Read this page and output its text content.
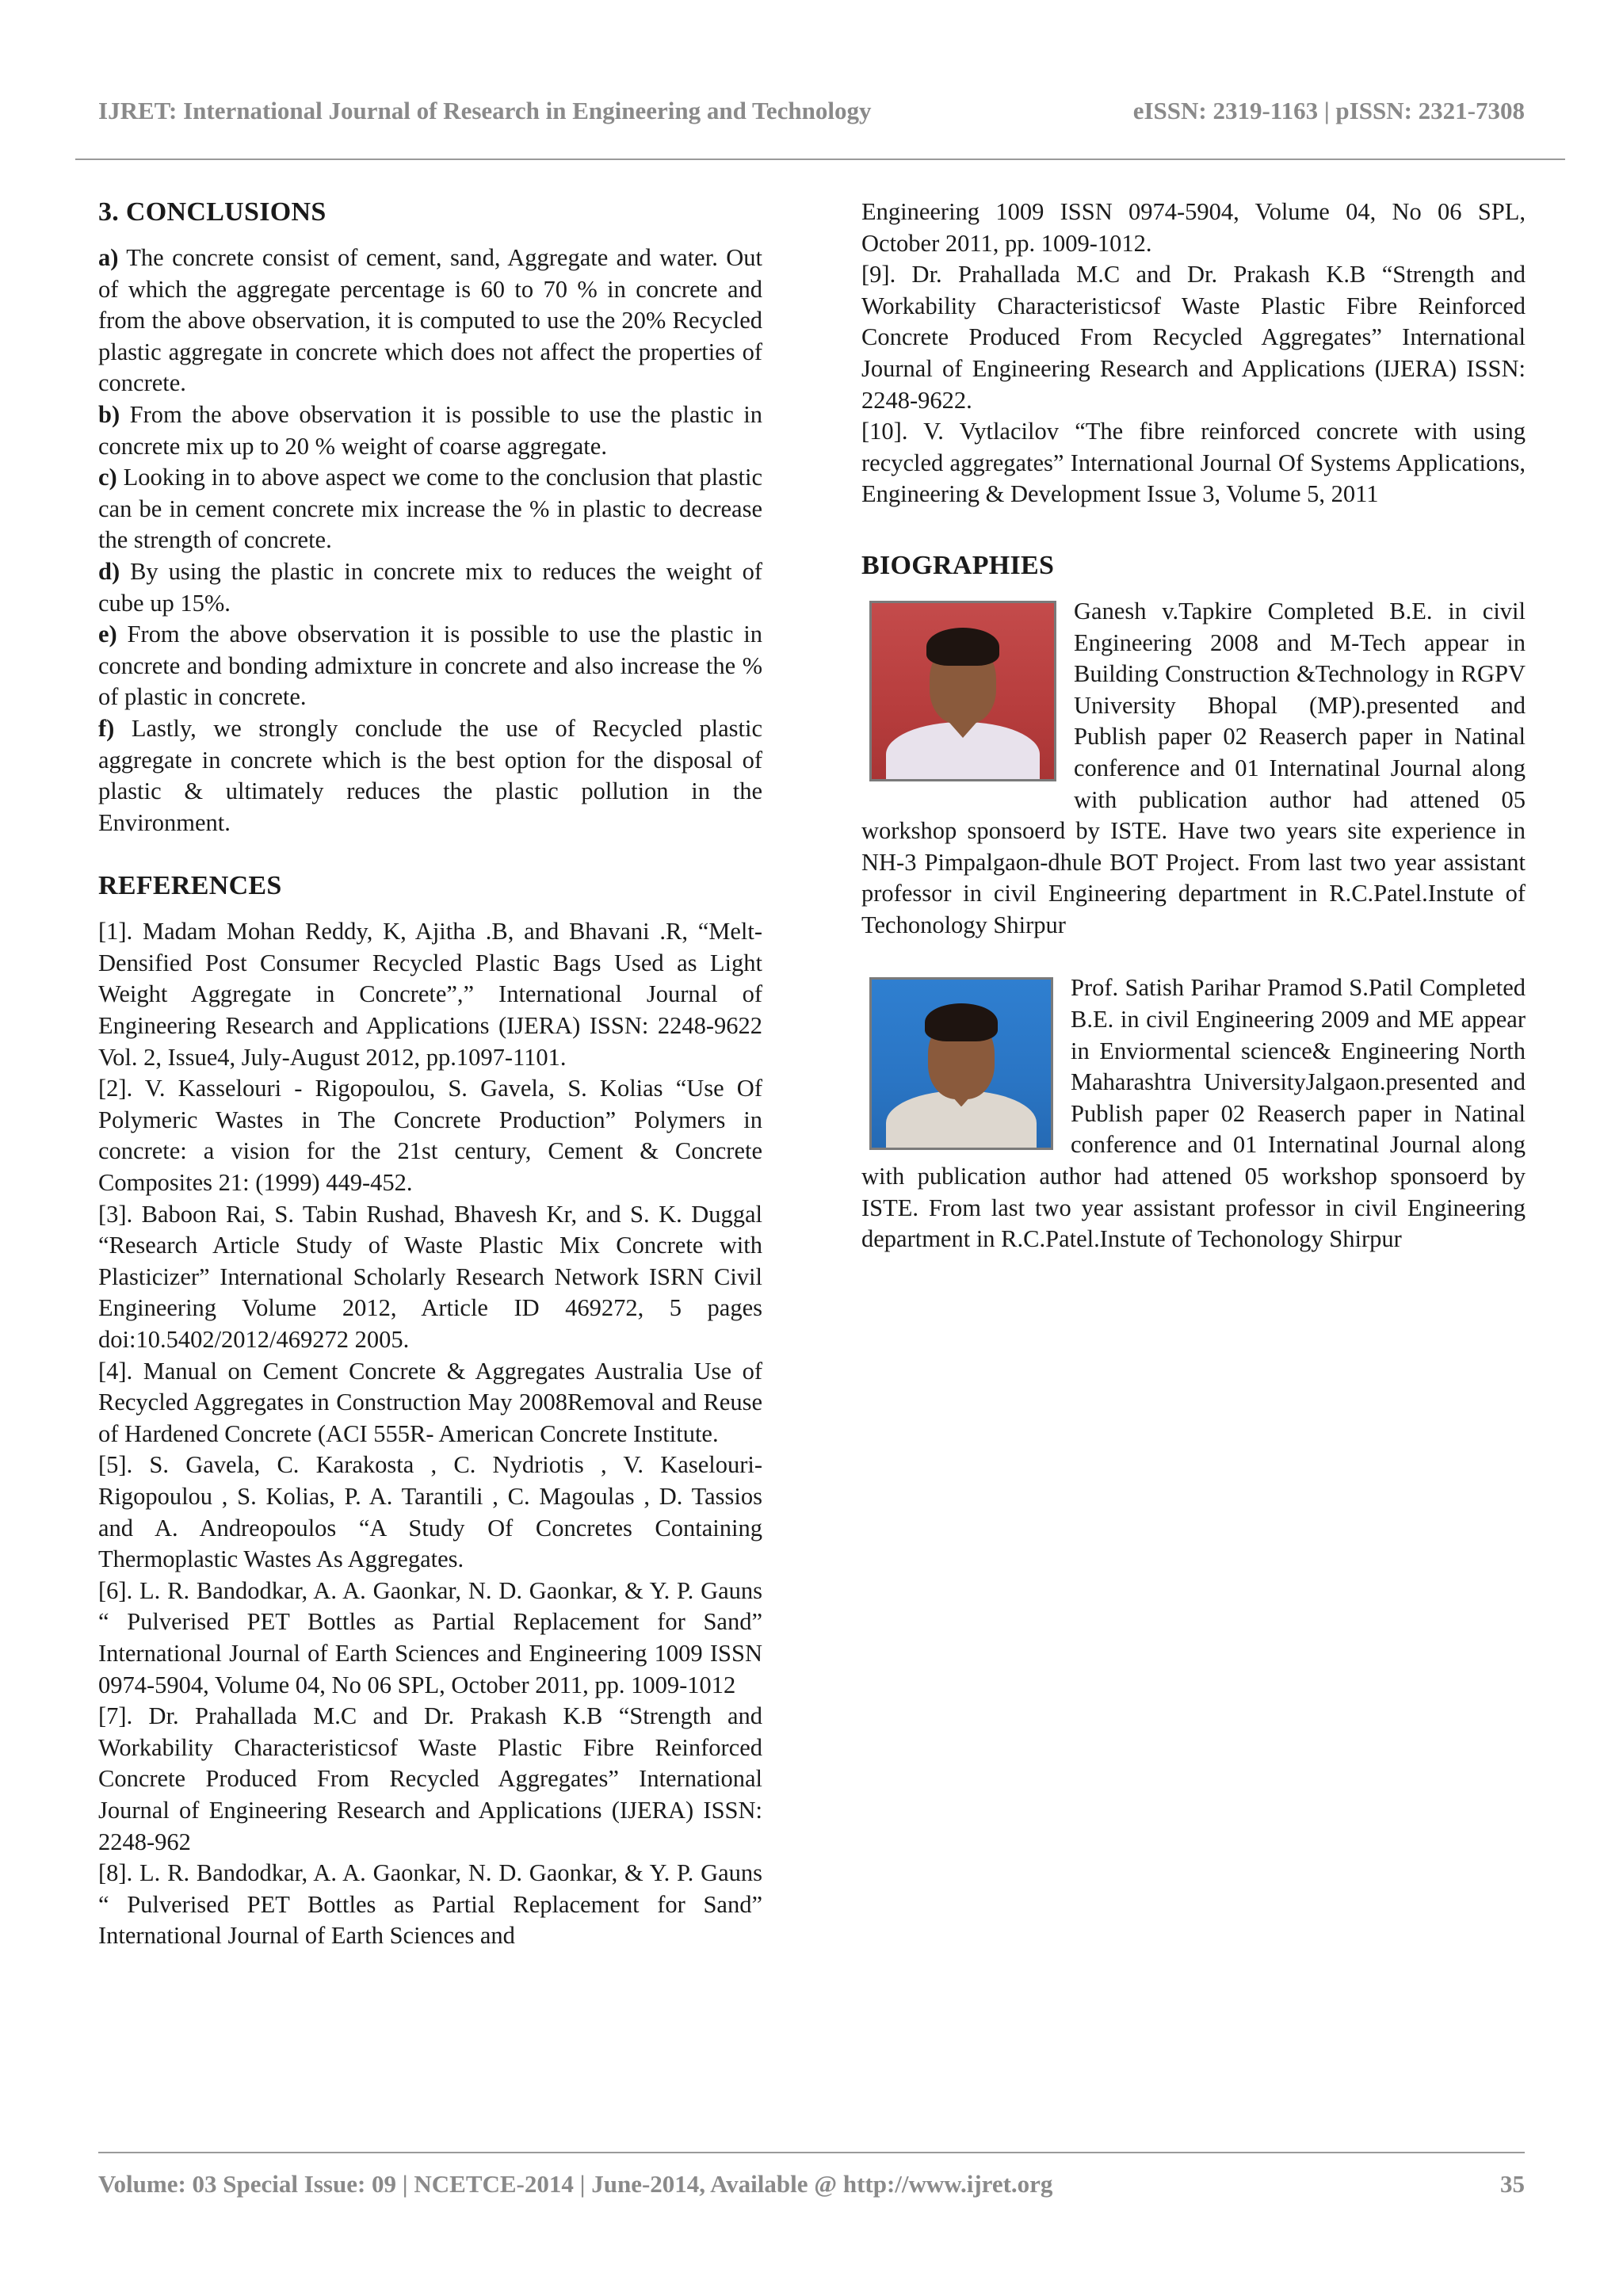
IJRET: International Journal of Research in Engineering and Technology	eISSN: 2319-1163 | pISSN: 2321-7308
3. CONCLUSIONS

a) The concrete consist of cement, sand, Aggregate and water. Out of which the aggregate percentage is 60 to 70 % in concrete and from the above observation, it is computed to use the 20% Recycled plastic aggregate in concrete which does not affect the properties of concrete.

b) From the above observation it is possible to use the plastic in concrete mix up to 20 % weight of coarse aggregate.

c) Looking in to above aspect we come to the conclusion that plastic can be in cement concrete mix increase the % in plastic to decrease the strength of concrete.

d) By using the plastic in concrete mix to reduces the weight of cube up 15%.

e) From the above observation it is possible to use the plastic in concrete and bonding admixture in concrete and also increase the % of plastic in concrete.

f) Lastly, we strongly conclude the use of Recycled plastic aggregate in concrete which is the best option for the disposal of plastic & ultimately reduces the plastic pollution in the Environment.

REFERENCES

[1]. Madam Mohan Reddy, K, Ajitha .B, and Bhavani .R, “Melt-Densified Post Consumer Recycled Plastic Bags Used as Light Weight Aggregate in Concrete”,” International Journal of Engineering Research and Applications (IJERA) ISSN: 2248-9622 Vol. 2, Issue4, July-August 2012, pp.1097-1101.

[2]. V. Kasselouri - Rigopoulou, S. Gavela, S. Kolias “Use Of Polymeric Wastes in The Concrete Production” Polymers in concrete: a vision for the 21st century, Cement & Concrete Composites 21: (1999) 449-452.

[3]. Baboon Rai, S. Tabin Rushad, Bhavesh Kr, and S. K. Duggal “Research Article Study of Waste Plastic Mix Concrete with Plasticizer” International Scholarly Research Network ISRN Civil Engineering Volume 2012, Article ID 469272, 5 pages doi:10.5402/2012/469272 2005.

[4]. Manual on Cement Concrete & Aggregates Australia Use of Recycled Aggregates in Construction May 2008Removal and Reuse of Hardened Concrete (ACI 555R- American Concrete Institute.

[5]. S. Gavela, C. Karakosta , C. Nydriotis , V. Kaselouri-Rigopoulou , S. Kolias, P. A. Tarantili , C. Magoulas , D. Tassios and A. Andreopoulos “A Study Of Concretes Containing Thermoplastic Wastes As Aggregates.

[6]. L. R. Bandodkar, A. A. Gaonkar, N. D. Gaonkar, & Y. P. Gauns “ Pulverised PET Bottles as Partial Replacement for Sand” International Journal of Earth Sciences and Engineering 1009 ISSN 0974-5904, Volume 04, No 06 SPL, October 2011, pp. 1009-1012

[7]. Dr. Prahallada M.C and Dr. Prakash K.B “Strength and Workability Characteristicsof Waste Plastic Fibre Reinforced Concrete Produced From Recycled Aggregates” International Journal of Engineering Research and Applications (IJERA) ISSN: 2248-962

[8]. L. R. Bandodkar, A. A. Gaonkar, N. D. Gaonkar, & Y. P. Gauns “ Pulverised PET Bottles as Partial Replacement for Sand” International Journal of Earth Sciences and

Engineering 1009 ISSN 0974-5904, Volume 04, No 06 SPL, October 2011, pp. 1009-1012.

[9]. Dr. Prahallada M.C and Dr. Prakash K.B “Strength and Workability Characteristicsof Waste Plastic Fibre Reinforced Concrete Produced From Recycled Aggregates” International Journal of Engineering Research and Applications (IJERA) ISSN: 2248-9622.

[10]. V. Vytlacilov “The fibre reinforced concrete with using recycled aggregates” International Journal Of Systems Applications, Engineering & Development Issue 3, Volume 5, 2011

BIOGRAPHIES
Ganesh v.Tapkire Completed B.E. in civil Engineering 2008 and M-Tech appear in Building Construction &Technology in RGPV University Bhopal (MP).presented and Publish paper 02 Reaserch paper in Natinal conference and 01 Internatinal Journal along with publication author had attened 05 workshop sponsoerd by ISTE. Have two years site experience in NH-3 Pimpalgaon-dhule BOT Project. From last two year assistant professor in civil Engineering department in R.C.Patel.Instute of Techonology Shirpur
Prof. Satish Parihar Pramod S.Patil Completed B.E. in civil Engineering 2009 and ME appear in Enviormental science& Engineering North Maharashtra UniversityJalgaon.presented and Publish paper 02 Reaserch paper in Natinal conference and 01 Internatinal Journal along with publication author had attened 05 workshop sponsoerd by ISTE. From last two year assistant professor in civil Engineering department in R.C.Patel.Instute of Techonology Shirpur
Volume: 03 Special Issue: 09 | NCETCE-2014 | June-2014, Available @ http://www.ijret.org	35
